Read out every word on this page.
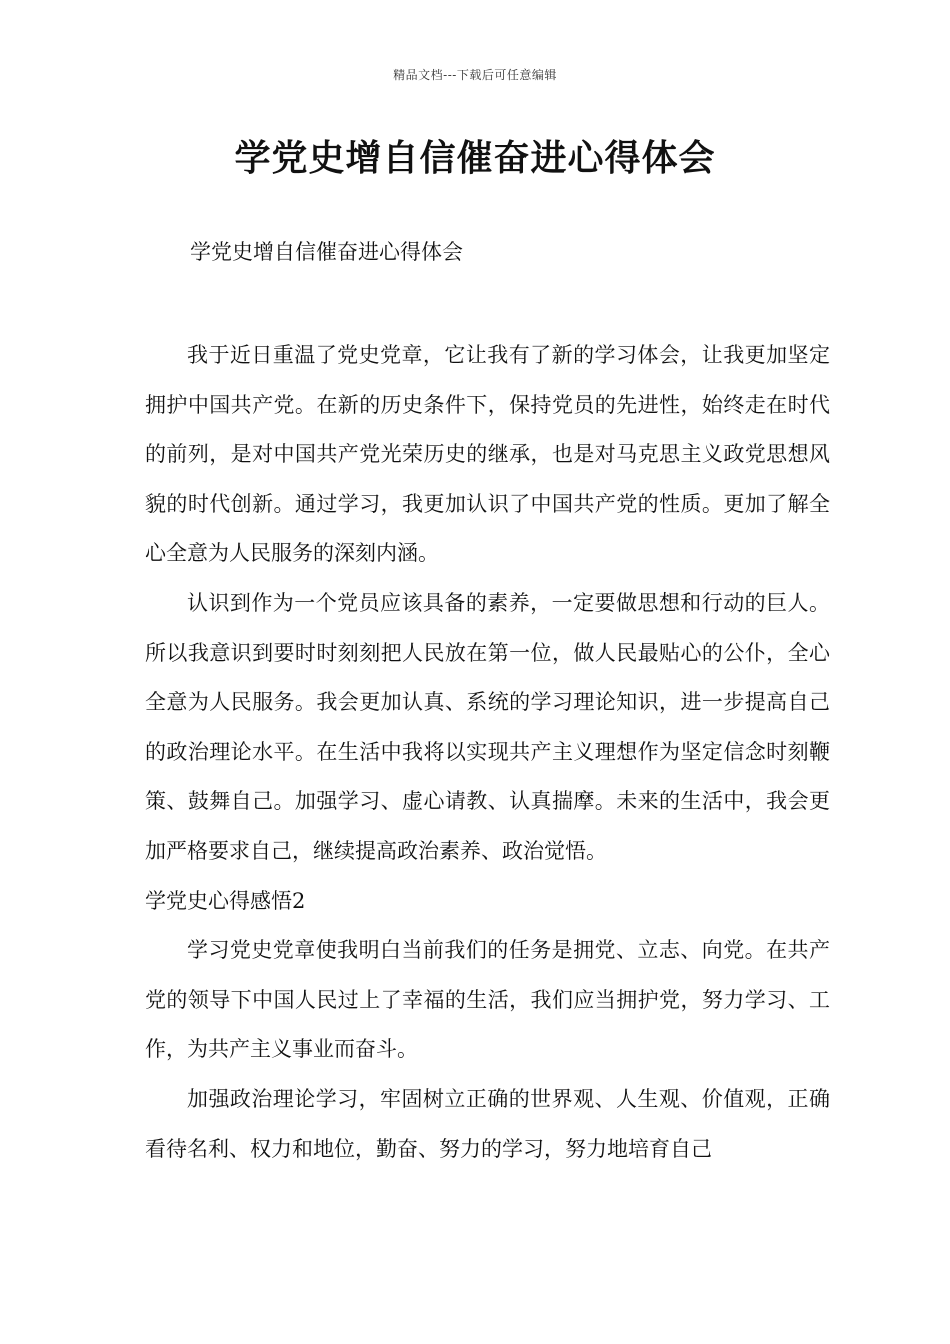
精品文档---下载后可任意编辑
学党史增自信催奋进心得体会

学党史增自信催奋进心得体会

我于近日重温了党史党章，它让我有了新的学习体会，让我更加坚定拥护中国共产党。在新的历史条件下，保持党员的先进性，始终走在时代的前列，是对中国共产党光荣历史的继承，也是对马克思主义政党思想风貌的时代创新。通过学习，我更加认识了中国共产党的性质。更加了解全心全意为人民服务的深刻内涵。

认识到作为一个党员应该具备的素养，一定要做思想和行动的巨人。所以我意识到要时时刻刻把人民放在第一位，做人民最贴心的公仆，全心全意为人民服务。我会更加认真、系统的学习理论知识，进一步提高自己的政治理论水平。在生活中我将以实现共产主义理想作为坚定信念时刻鞭策、鼓舞自己。加强学习、虚心请教、认真揣摩。未来的生活中，我会更加严格要求自己，继续提高政治素养、政治觉悟。

学党史心得感悟2

学习党史党章使我明白当前我们的任务是拥党、立志、向党。在共产党的领导下中国人民过上了幸福的生活，我们应当拥护党，努力学习、工作，为共产主义事业而奋斗。

加强政治理论学习，牢固树立正确的世界观、人生观、价值观，正确看待名利、权力和地位，勤奋、努力的学习，努力地培育自己
